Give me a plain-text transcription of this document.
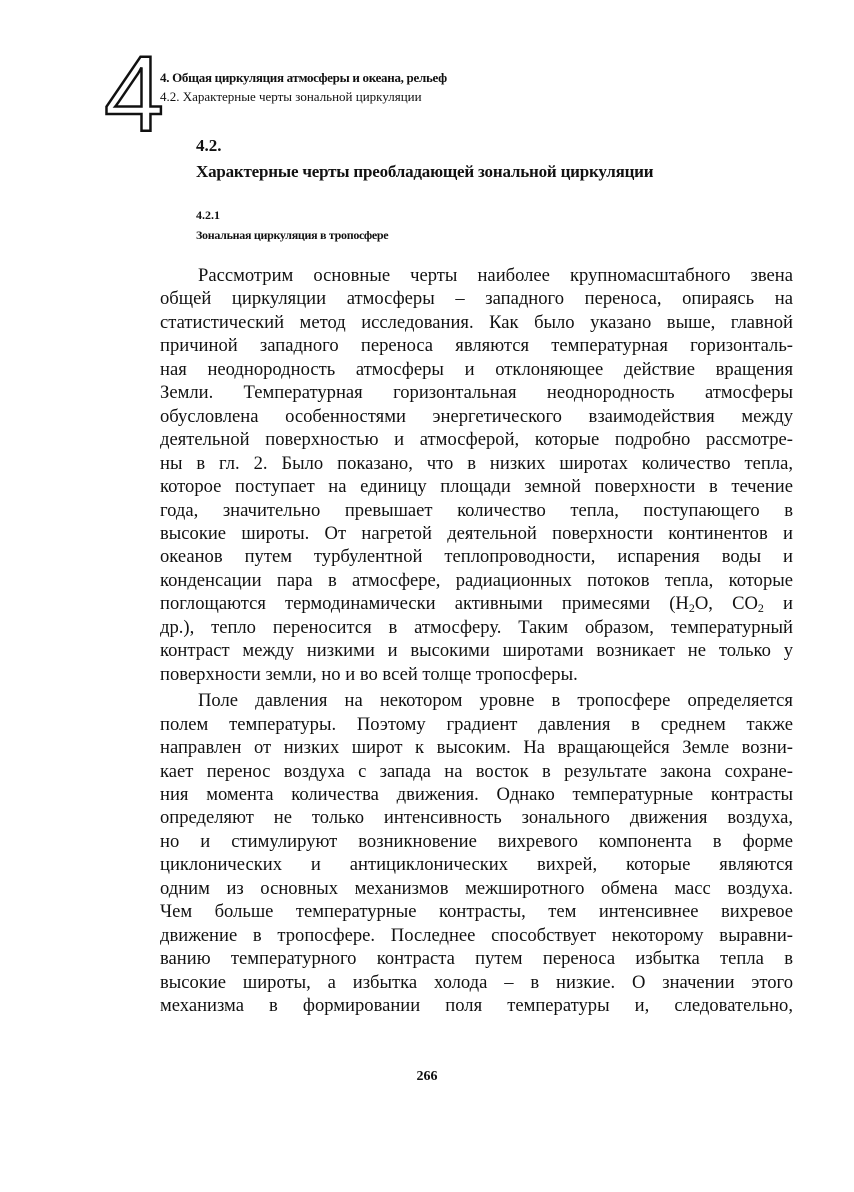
4
4. Общая циркуляция атмосферы и океана, рельеф
4.2. Характерные черты зональной циркуляции
4.2.
Характерные черты преобладающей зональной циркуляции
4.2.1
Зональная циркуляция в тропосфере
Рассмотрим основные черты наиболее крупномасштабного звена
общей циркуляции атмосферы – западного переноса, опираясь на
статистический метод исследования. Как было указано выше, главной
причиной западного переноса являются температурная горизонталь-
ная неоднородность атмосферы и отклоняющее действие вращения
Земли. Температурная горизонтальная неоднородность атмосферы
обусловлена особенностями энергетического взаимодействия между
деятельной поверхностью и атмосферой, которые подробно рассмотре-
ны в гл. 2. Было показано, что в низких широтах количество тепла,
которое поступает на единицу площади земной поверхности в течение
года, значительно превышает количество тепла, поступающего в
высокие широты. От нагретой деятельной поверхности континентов и
океанов путем турбулентной теплопроводности, испарения воды и
конденсации пара в атмосфере, радиационных потоков тепла, которые
поглощаются термодинамически активными примесями ($H_2O$, $CO_2$ и
др.), тепло переносится в атмосферу. Таким образом, температурный
контраст между низкими и высокими широтами возникает не только у
поверхности земли, но и во всей толще тропосферы.
Поле давления на некотором уровне в тропосфере определяется
полем температуры. Поэтому градиент давления в среднем также
направлен от низких широт к высоким. На вращающейся Земле возни-
кает перенос воздуха с запада на восток в результате закона сохране-
ния момента количества движения. Однако температурные контрасты
определяют не только интенсивность зонального движения воздуха,
но и стимулируют возникновение вихревого компонента в форме
циклонических и антициклонических вихрей, которые являются
одним из основных механизмов межширотного обмена масс воздуха.
Чем больше температурные контрасты, тем интенсивнее вихревое
движение в тропосфере. Последнее способствует некоторому выравни-
ванию температурного контраста путем переноса избытка тепла в
высокие широты, а избытка холода – в низкие. О значении этого
механизма в формировании поля температуры и, следовательно,
266
